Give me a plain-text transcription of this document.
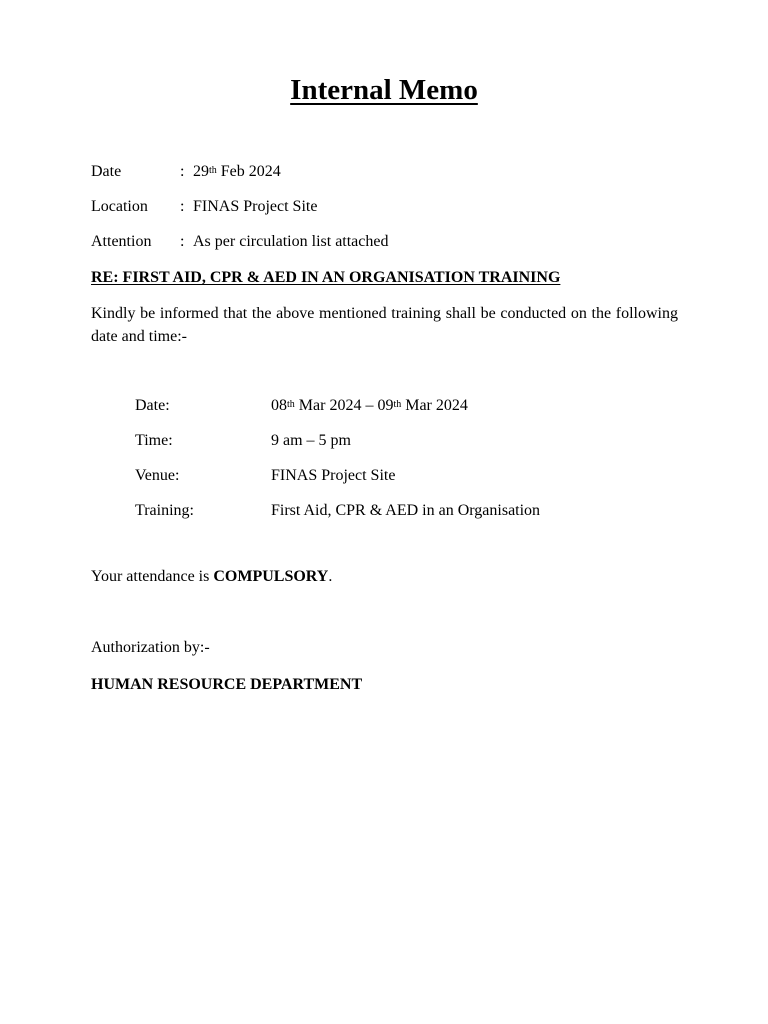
Internal Memo
Date	: 29th Feb 2024
Location : FINAS Project Site
Attention : As per circulation list attached
RE: FIRST AID, CPR & AED IN AN ORGANISATION TRAINING
Kindly be informed that the above mentioned training shall be conducted on the following date and time:-
Date:	08th Mar 2024 – 09th Mar 2024
Time:	9 am – 5 pm
Venue:	FINAS Project Site
Training:	First Aid, CPR & AED in an Organisation
Your attendance is COMPULSORY.
Authorization by:-
HUMAN RESOURCE DEPARTMENT
